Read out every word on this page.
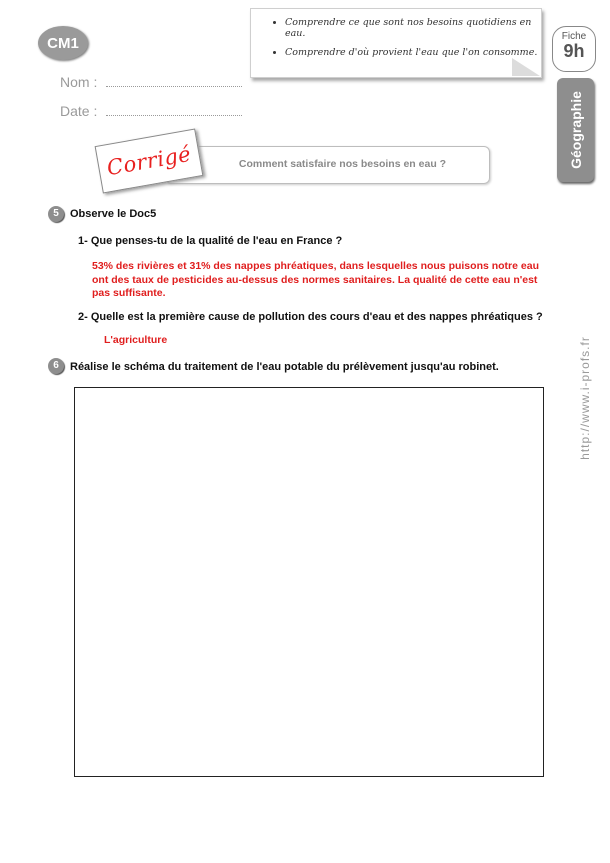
CM1
Nom :
Date :
• Comprendre ce que sont nos besoins quotidiens en eau.
• Comprendre d'où provient l'eau que l'on consomme.
Fiche
9h
Géographie
Comment satisfaire nos besoins en eau ?
Corrigé
5	Observe le Doc5
1- Que penses-tu de la qualité de l'eau en France ?
53% des rivières et 31% des nappes phréatiques, dans lesquelles nous puisons notre eau ont des taux de pesticides au-dessus des normes sanitaires. La qualité de cette eau n'est pas suffisante.
2- Quelle est la première cause de pollution des cours d'eau et des nappes phréatiques ?
L'agriculture
6	Réalise le schéma du traitement de l'eau potable du prélèvement jusqu'au robinet.	http://www.i-profs.fr
